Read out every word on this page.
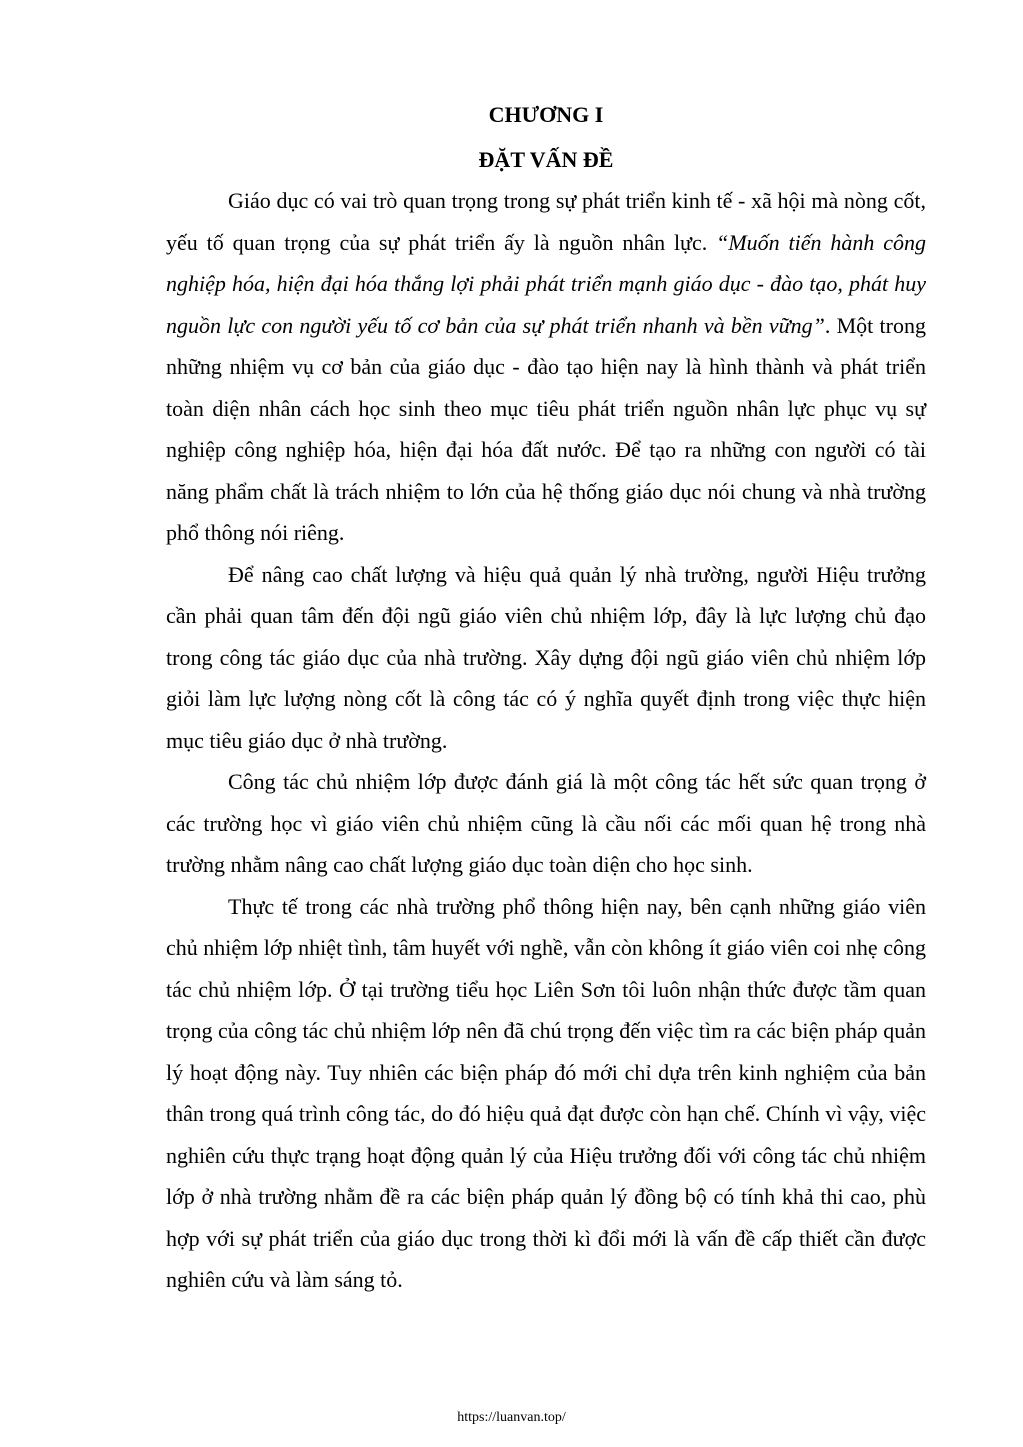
CHƯƠNG I
ĐẶT VẤN ĐỀ

Giáo dục có vai trò quan trọng trong sự phát triển kinh tế - xã hội mà nòng cốt, yếu tố quan trọng của sự phát triển ấy là nguồn nhân lực. “Muốn tiến hành công nghiệp hóa, hiện đại hóa thắng lợi phải phát triển mạnh giáo dục - đào tạo, phát huy nguồn lực con người yếu tố cơ bản của sự phát triển nhanh và bền vững”. Một trong những nhiệm vụ cơ bản của giáo dục - đào tạo hiện nay là hình thành và phát triển toàn diện nhân cách học sinh theo mục tiêu phát triển nguồn nhân lực phục vụ sự nghiệp công nghiệp hóa, hiện đại hóa đất nước. Để tạo ra những con người có tài năng phẩm chất là trách nhiệm to lớn của hệ thống giáo dục nói chung và nhà trường phổ thông nói riêng.

Để nâng cao chất lượng và hiệu quả quản lý nhà trường, người Hiệu trưởng cần phải quan tâm đến đội ngũ giáo viên chủ nhiệm lớp, đây là lực lượng chủ đạo trong công tác giáo dục của nhà trường. Xây dựng đội ngũ giáo viên chủ nhiệm lớp giỏi làm lực lượng nòng cốt là công tác có ý nghĩa quyết định trong việc thực hiện mục tiêu giáo dục ở nhà trường.

Công tác chủ nhiệm lớp được đánh giá là một công tác hết sức quan trọng ở các trường học vì giáo viên chủ nhiệm cũng là cầu nối các mối quan hệ trong nhà trường nhằm nâng cao chất lượng giáo dục toàn diện cho học sinh.

Thực tế trong các nhà trường phổ thông hiện nay, bên cạnh những giáo viên chủ nhiệm lớp nhiệt tình, tâm huyết với nghề, vẫn còn không ít giáo viên coi nhẹ công tác chủ nhiệm lớp. Ở tại trường tiểu học Liên Sơn tôi luôn nhận thức được tầm quan trọng của công tác chủ nhiệm lớp nên đã chú trọng đến việc tìm ra các biện pháp quản lý hoạt động này. Tuy nhiên các biện pháp đó mới chỉ dựa trên kinh nghiệm của bản thân trong quá trình công tác, do đó hiệu quả đạt được còn hạn chế. Chính vì vậy, việc nghiên cứu thực trạng hoạt động quản lý của Hiệu trưởng đối với công tác chủ nhiệm lớp ở nhà trường nhằm đề ra các biện pháp quản lý đồng bộ có tính khả thi cao, phù hợp với sự phát triển của giáo dục trong thời kì đổi mới là vấn đề cấp thiết cần được nghiên cứu và làm sáng tỏ.

https://luanvan.top/
